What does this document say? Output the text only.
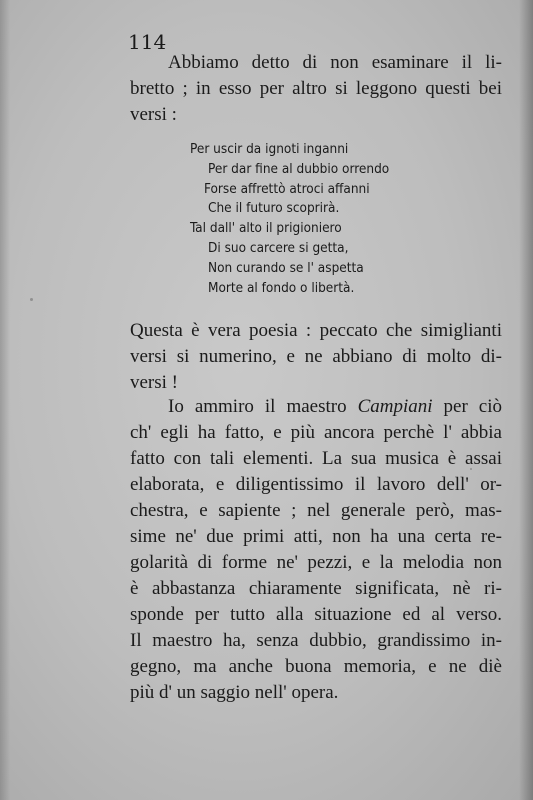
114
Abbiamo detto di non esaminare il li-
bretto ; in esso per altro si leggono questi bei
versi :
Per uscir da ignoti inganni
Per dar fine al dubbio orrendo
Forse affrettò atroci affanni
Che il futuro scoprirà.
Tal dall' alto il prigioniero
Di suo carcere si getta,
Non curando se l' aspetta
Morte al fondo o libertà.
Questa è vera poesia : peccato che simiglianti
versi si numerino, e ne abbiano di molto di-
versi !
Io ammiro il maestro Campiani per ciò
ch' egli ha fatto, e più ancora perchè l' abbia
fatto con tali elementi. La sua musica è assai
elaborata, e diligentissimo il lavoro dell' or-
chestra, e sapiente ; nel generale però, mas-
sime ne' due primi atti, non ha una certa re-
golarità di forme ne' pezzi, e la melodia non
è abbastanza chiaramente significata, nè ri-
sponde per tutto alla situazione ed al verso.
Il maestro ha, senza dubbio, grandissimo in-
gegno, ma anche buona memoria, e ne diè
più d' un saggio nell' opera.
